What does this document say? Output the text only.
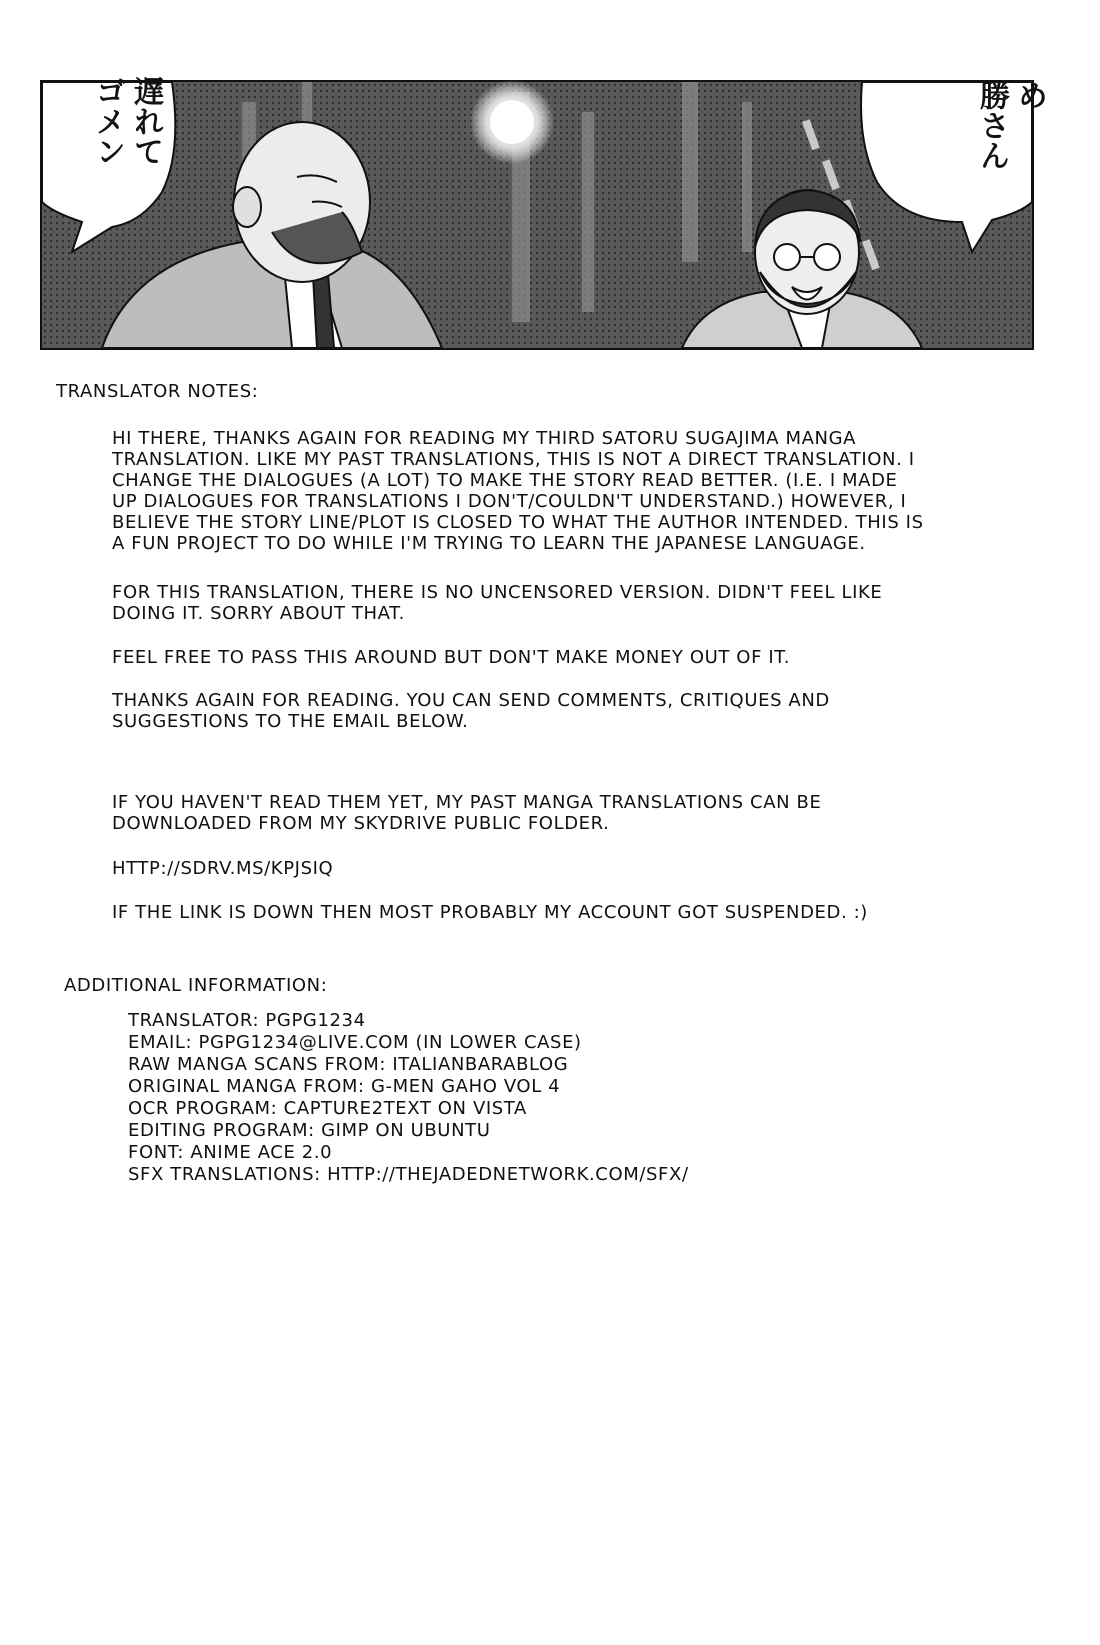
遅れて
ゴメン	め
勝さん
TRANSLATOR NOTES:
HI THERE, THANKS AGAIN FOR READING MY THIRD SATORU SUGAJIMA MANGA
TRANSLATION. LIKE MY PAST TRANSLATIONS, THIS IS NOT A DIRECT TRANSLATION. I
CHANGE THE DIALOGUES (A LOT) TO MAKE THE STORY READ BETTER. (I.E. I MADE
UP DIALOGUES FOR TRANSLATIONS I DON'T/COULDN'T UNDERSTAND.) HOWEVER, I
BELIEVE THE STORY LINE/PLOT IS CLOSED TO WHAT THE AUTHOR INTENDED. THIS IS
A FUN PROJECT TO DO WHILE I'M TRYING TO LEARN THE JAPANESE LANGUAGE.
FOR THIS TRANSLATION, THERE IS NO UNCENSORED VERSION. DIDN'T FEEL LIKE
DOING IT. SORRY ABOUT THAT.
FEEL FREE TO PASS THIS AROUND BUT DON'T MAKE MONEY OUT OF IT.
THANKS AGAIN FOR READING. YOU CAN SEND COMMENTS, CRITIQUES AND
SUGGESTIONS TO THE EMAIL BELOW.
IF YOU HAVEN'T READ THEM YET, MY PAST MANGA TRANSLATIONS CAN BE
DOWNLOADED FROM MY SKYDRIVE PUBLIC FOLDER.
HTTP://SDRV.MS/KPJSIQ
IF THE LINK IS DOWN THEN MOST PROBABLY MY ACCOUNT GOT SUSPENDED. :)
ADDITIONAL INFORMATION:
TRANSLATOR: PGPG1234
EMAIL: PGPG1234@LIVE.COM (IN LOWER CASE)
RAW MANGA SCANS FROM: ITALIANBARABLOG
ORIGINAL MANGA FROM: G-MEN GAHO VOL 4
OCR PROGRAM: CAPTURE2TEXT ON VISTA
EDITING PROGRAM: GIMP ON UBUNTU
FONT: ANIME ACE 2.0
SFX TRANSLATIONS: HTTP://THEJADEDNETWORK.COM/SFX/
